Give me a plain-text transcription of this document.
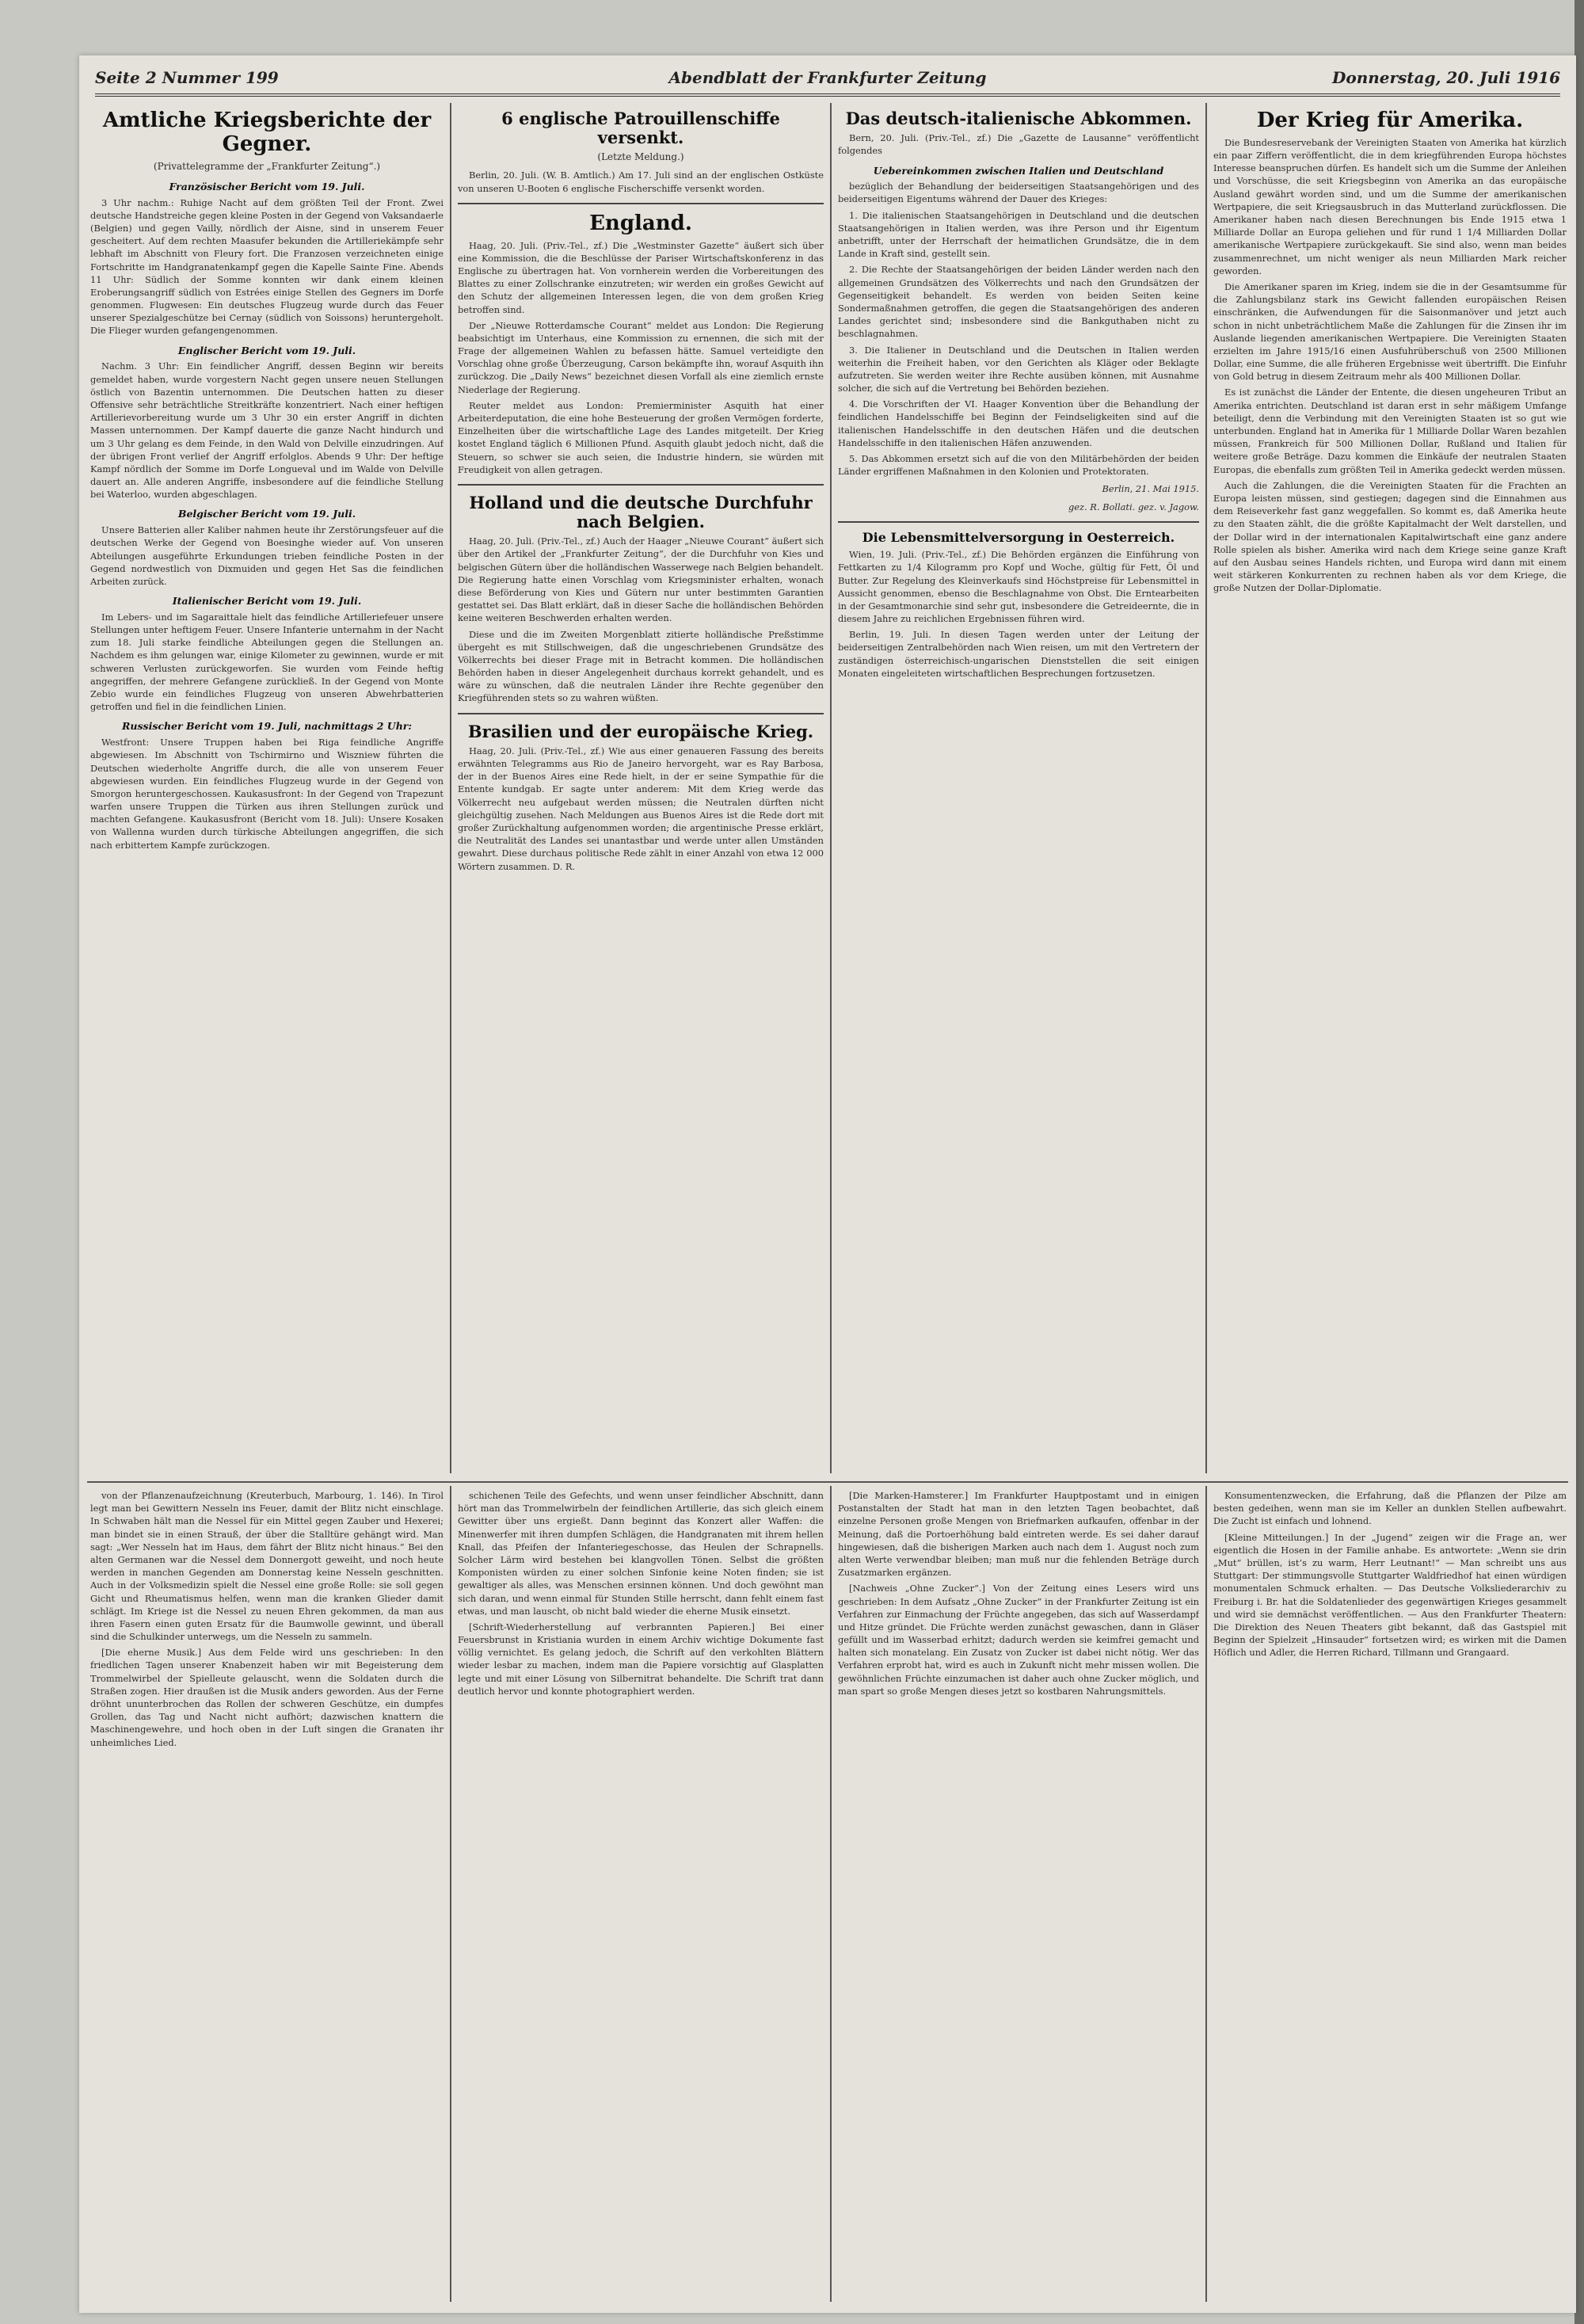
Seite 2 Nummer 199	Abendblatt der Frankfurter Zeitung	Donnerstag, 20. Juli 1916
Amtliche Kriegsberichte der Gegner.
(Privattelegramme der „Frankfurter Zeitung“.)
Französischer Bericht vom 19. Juli.

3 Uhr nachm.: Ruhige Nacht auf dem größten Teil der Front. Zwei deutsche Handstreiche gegen kleine Posten in der Gegend von Vaksandaerle (Belgien) und gegen Vailly, nördlich der Aisne, sind in unserem Feuer gescheitert. Auf dem rechten Maasufer bekunden die Artilleriekämpfe sehr lebhaft im Abschnitt von Fleury fort. Die Franzosen verzeichneten einige Fortschritte im Handgranatenkampf gegen die Kapelle Sainte Fine. Abends 11 Uhr: Südlich der Somme konnten wir dank einem kleinen Eroberungsangriff südlich von Estrées einige Stellen des Gegners im Dorfe genommen. Flugwesen: Ein deutsches Flugzeug wurde durch das Feuer unserer Spezialgeschütze bei Cernay (südlich von Soissons) heruntergeholt. Die Flieger wurden gefangengenommen.

Englischer Bericht vom 19. Juli.

Nachm. 3 Uhr: Ein feindlicher Angriff, dessen Beginn wir bereits gemeldet haben, wurde vorgestern Nacht gegen unsere neuen Stellungen östlich von Bazentin unternommen. Die Deutschen hatten zu dieser Offensive sehr beträchtliche Streitkräfte konzentriert. Nach einer heftigen Artillerievorbereitung wurde um 3 Uhr 30 ein erster Angriff in dichten Massen unternommen. Der Kampf dauerte die ganze Nacht hindurch und um 3 Uhr gelang es dem Feinde, in den Wald von Delville einzudringen. Auf der übrigen Front verlief der Angriff erfolglos. Abends 9 Uhr: Der heftige Kampf nördlich der Somme im Dorfe Longueval und im Walde von Delville dauert an. Alle anderen Angriffe, insbesondere auf die feindliche Stellung bei Waterloo, wurden abgeschlagen.

Belgischer Bericht vom 19. Juli.

Unsere Batterien aller Kaliber nahmen heute ihr Zerstörungsfeuer auf die deutschen Werke der Gegend von Boesinghe wieder auf. Von unseren Abteilungen ausgeführte Erkundungen trieben feindliche Posten in der Gegend nordwestlich von Dixmuiden und gegen Het Sas die feindlichen Arbeiten zurück.

Italienischer Bericht vom 19. Juli.

Im Lebers- und im Sagaraittale hielt das feindliche Artilleriefeuer unsere Stellungen unter heftigem Feuer. Unsere Infanterie unternahm in der Nacht zum 18. Juli starke feindliche Abteilungen gegen die Stellungen an. Nachdem es ihm gelungen war, einige Kilometer zu gewinnen, wurde er mit schweren Verlusten zurückgeworfen. Sie wurden vom Feinde heftig angegriffen, der mehrere Gefangene zurückließ. In der Gegend von Monte Zebio wurde ein feindliches Flugzeug von unseren Abwehrbatterien getroffen und fiel in die feindlichen Linien.

Russischer Bericht vom 19. Juli, nachmittags 2 Uhr:

Westfront: Unsere Truppen haben bei Riga feindliche Angriffe abgewiesen. Im Abschnitt von Tschirmirno und Wiszniew führten die Deutschen wiederholte Angriffe durch, die alle von unserem Feuer abgewiesen wurden. Ein feindliches Flugzeug wurde in der Gegend von Smorgon heruntergeschossen. Kaukasusfront: In der Gegend von Trapezunt warfen unsere Truppen die Türken aus ihren Stellungen zurück und machten Gefangene. Kaukasusfront (Bericht vom 18. Juli): Unsere Kosaken von Wallenna wurden durch türkische Abteilungen angegriffen, die sich nach erbittertem Kampfe zurückzogen.

6 englische Patrouillenschiffe versenkt.
(Letzte Meldung.)

Berlin, 20. Juli. (W. B. Amtlich.) Am 17. Juli sind an der englischen Ostküste von unseren U-Booten 6 englische Fischerschiffe versenkt worden.

England.

Haag, 20. Juli. (Priv.-Tel., zf.) Die „Westminster Gazette“ äußert sich über eine Kommission, die die Beschlüsse der Pariser Wirtschaftskonferenz in das Englische zu übertragen hat. Von vornherein werden die Vorbereitungen des Blattes zu einer Zollschranke einzutreten; wir werden ein großes Gewicht auf den Schutz der allgemeinen Interessen legen, die von dem großen Krieg betroffen sind.

Der „Nieuwe Rotterdamsche Courant“ meldet aus London: Die Regierung beabsichtigt im Unterhaus, eine Kommission zu ernennen, die sich mit der Frage der allgemeinen Wahlen zu befassen hätte. Samuel verteidigte den Vorschlag ohne große Überzeugung, Carson bekämpfte ihn, worauf Asquith ihn zurückzog. Die „Daily News“ bezeichnet diesen Vorfall als eine ziemlich ernste Niederlage der Regierung.

Reuter meldet aus London: Premierminister Asquith hat einer Arbeiterdeputation, die eine hohe Besteuerung der großen Vermögen forderte, Einzelheiten über die wirtschaftliche Lage des Landes mitgeteilt. Der Krieg kostet England täglich 6 Millionen Pfund. Asquith glaubt jedoch nicht, daß die Steuern, so schwer sie auch seien, die Industrie hindern, sie würden mit Freudigkeit von allen getragen.

Holland und die deutsche Durchfuhr nach Belgien.

Haag, 20. Juli. (Priv.-Tel., zf.) Auch der Haager „Nieuwe Courant“ äußert sich über den Artikel der „Frankfurter Zeitung“, der die Durchfuhr von Kies und belgischen Gütern über die holländischen Wasserwege nach Belgien behandelt. Die Regierung hatte einen Vorschlag vom Kriegsminister erhalten, wonach diese Beförderung von Kies und Gütern nur unter bestimmten Garantien gestattet sei. Das Blatt erklärt, daß in dieser Sache die holländischen Behörden keine weiteren Beschwerden erhalten werden.

Diese und die im Zweiten Morgenblatt zitierte holländische Preßstimme übergeht es mit Stillschweigen, daß die ungeschriebenen Grundsätze des Völkerrechts bei dieser Frage mit in Betracht kommen. Die holländischen Behörden haben in dieser Angelegenheit durchaus korrekt gehandelt, und es wäre zu wünschen, daß die neutralen Länder ihre Rechte gegenüber den Kriegführenden stets so zu wahren wüßten.

Brasilien und der europäische Krieg.

Haag, 20. Juli. (Priv.-Tel., zf.) Wie aus einer genaueren Fassung des bereits erwähnten Telegramms aus Rio de Janeiro hervorgeht, war es Ray Barbosa, der in der Buenos Aires eine Rede hielt, in der er seine Sympathie für die Entente kundgab. Er sagte unter anderem: Mit dem Krieg werde das Völkerrecht neu aufgebaut werden müssen; die Neutralen dürften nicht gleichgültig zusehen. Nach Meldungen aus Buenos Aires ist die Rede dort mit großer Zurückhaltung aufgenommen worden; die argentinische Presse erklärt, die Neutralität des Landes sei unantastbar und werde unter allen Umständen gewahrt. Diese durchaus politische Rede zählt in einer Anzahl von etwa 12 000 Wörtern zusammen. D. R.

Das deutsch-italienische Abkommen.

Bern, 20. Juli. (Priv.-Tel., zf.) Die „Gazette de Lausanne“ veröffentlicht folgendes

Uebereinkommen zwischen Italien und Deutschland

bezüglich der Behandlung der beiderseitigen Staatsangehörigen und des beiderseitigen Eigentums während der Dauer des Krieges:

1. Die italienischen Staatsangehörigen in Deutschland und die deutschen Staatsangehörigen in Italien werden, was ihre Person und ihr Eigentum anbetrifft, unter der Herrschaft der heimatlichen Grundsätze, die in dem Lande in Kraft sind, gestellt sein.

2. Die Rechte der Staatsangehörigen der beiden Länder werden nach den allgemeinen Grundsätzen des Völkerrechts und nach den Grundsätzen der Gegenseitigkeit behandelt. Es werden von beiden Seiten keine Sondermaßnahmen getroffen, die gegen die Staatsangehörigen des anderen Landes gerichtet sind; insbesondere sind die Bankguthaben nicht zu beschlagnahmen.

3. Die Italiener in Deutschland und die Deutschen in Italien werden weiterhin die Freiheit haben, vor den Gerichten als Kläger oder Beklagte aufzutreten. Sie werden weiter ihre Rechte ausüben können, mit Ausnahme solcher, die sich auf die Vertretung bei Behörden beziehen.

4. Die Vorschriften der VI. Haager Konvention über die Behandlung der feindlichen Handelsschiffe bei Beginn der Feindseligkeiten sind auf die italienischen Handelsschiffe in den deutschen Häfen und die deutschen Handelsschiffe in den italienischen Häfen anzuwenden.

5. Das Abkommen ersetzt sich auf die von den Militärbehörden der beiden Länder ergriffenen Maßnahmen in den Kolonien und Protektoraten.

Berlin, 21. Mai 1915.
gez. R. Bollati. gez. v. Jagow.
Die Lebensmittelversorgung in Oesterreich.

Wien, 19. Juli. (Priv.-Tel., zf.) Die Behörden ergänzen die Einführung von Fettkarten zu 1/4 Kilogramm pro Kopf und Woche, gültig für Fett, Öl und Butter. Zur Regelung des Kleinverkaufs sind Höchstpreise für Lebensmittel in Aussicht genommen, ebenso die Beschlagnahme von Obst. Die Erntearbeiten in der Gesamtmonarchie sind sehr gut, insbesondere die Getreideernte, die in diesem Jahre zu reichlichen Ergebnissen führen wird.

Berlin, 19. Juli. In diesen Tagen werden unter der Leitung der beiderseitigen Zentralbehörden nach Wien reisen, um mit den Vertretern der zuständigen österreichisch-ungarischen Dienststellen die seit einigen Monaten eingeleiteten wirtschaftlichen Besprechungen fortzusetzen.

Der Krieg für Amerika.

Die Bundesreservebank der Vereinigten Staaten von Amerika hat kürzlich ein paar Ziffern veröffentlicht, die in dem kriegführenden Europa höchstes Interesse beanspruchen dürfen. Es handelt sich um die Summe der Anleihen und Vorschüsse, die seit Kriegsbeginn von Amerika an das europäische Ausland gewährt worden sind, und um die Summe der amerikanischen Wertpapiere, die seit Kriegsausbruch in das Mutterland zurückflossen. Die Amerikaner haben nach diesen Berechnungen bis Ende 1915 etwa 1 Milliarde Dollar an Europa geliehen und für rund 1 1/4 Milliarden Dollar amerikanische Wertpapiere zurückgekauft. Sie sind also, wenn man beides zusammenrechnet, um nicht weniger als neun Milliarden Mark reicher geworden.

Die Amerikaner sparen im Krieg, indem sie die in der Gesamtsumme für die Zahlungsbilanz stark ins Gewicht fallenden europäischen Reisen einschränken, die Aufwendungen für die Saisonmanöver und jetzt auch schon in nicht unbeträchtlichem Maße die Zahlungen für die Zinsen ihr im Auslande liegenden amerikanischen Wertpapiere. Die Vereinigten Staaten erzielten im Jahre 1915/16 einen Ausfuhrüberschuß von 2500 Millionen Dollar, eine Summe, die alle früheren Ergebnisse weit übertrifft. Die Einfuhr von Gold betrug in diesem Zeitraum mehr als 400 Millionen Dollar.

Es ist zunächst die Länder der Entente, die diesen ungeheuren Tribut an Amerika entrichten. Deutschland ist daran erst in sehr mäßigem Umfange beteiligt, denn die Verbindung mit den Vereinigten Staaten ist so gut wie unterbunden. England hat in Amerika für 1 Milliarde Dollar Waren bezahlen müssen, Frankreich für 500 Millionen Dollar, Rußland und Italien für weitere große Beträge. Dazu kommen die Einkäufe der neutralen Staaten Europas, die ebenfalls zum größten Teil in Amerika gedeckt werden müssen.

Auch die Zahlungen, die die Vereinigten Staaten für die Frachten an Europa leisten müssen, sind gestiegen; dagegen sind die Einnahmen aus dem Reiseverkehr fast ganz weggefallen. So kommt es, daß Amerika heute zu den Staaten zählt, die die größte Kapitalmacht der Welt darstellen, und der Dollar wird in der internationalen Kapitalwirtschaft eine ganz andere Rolle spielen als bisher. Amerika wird nach dem Kriege seine ganze Kraft auf den Ausbau seines Handels richten, und Europa wird dann mit einem weit stärkeren Konkurrenten zu rechnen haben als vor dem Kriege, die große Nutzen der Dollar-Diplomatie.

von der Pflanzenaufzeichnung (Kreuterbuch, Marbourg, 1. 146). In Tirol legt man bei Gewittern Nesseln ins Feuer, damit der Blitz nicht einschlage. In Schwaben hält man die Nessel für ein Mittel gegen Zauber und Hexerei; man bindet sie in einen Strauß, der über die Stalltüre gehängt wird. Man sagt: „Wer Nesseln hat im Haus, dem fährt der Blitz nicht hinaus.“ Bei den alten Germanen war die Nessel dem Donnergott geweiht, und noch heute werden in manchen Gegenden am Donnerstag keine Nesseln geschnitten. Auch in der Volksmedizin spielt die Nessel eine große Rolle: sie soll gegen Gicht und Rheumatismus helfen, wenn man die kranken Glieder damit schlägt. Im Kriege ist die Nessel zu neuen Ehren gekommen, da man aus ihren Fasern einen guten Ersatz für die Baumwolle gewinnt, und überall sind die Schulkinder unterwegs, um die Nesseln zu sammeln.

[Die eherne Musik.] Aus dem Felde wird uns geschrieben: In den friedlichen Tagen unserer Knabenzeit haben wir mit Begeisterung dem Trommelwirbel der Spielleute gelauscht, wenn die Soldaten durch die Straßen zogen. Hier draußen ist die Musik anders geworden. Aus der Ferne dröhnt ununterbrochen das Rollen der schweren Geschütze, ein dumpfes Grollen, das Tag und Nacht nicht aufhört; dazwischen knattern die Maschinengewehre, und hoch oben in der Luft singen die Granaten ihr unheimliches Lied.

schichenen Teile des Gefechts, und wenn unser feindlicher Abschnitt, dann hört man das Trommelwirbeln der feindlichen Artillerie, das sich gleich einem Gewitter über uns ergießt. Dann beginnt das Konzert aller Waffen: die Minenwerfer mit ihren dumpfen Schlägen, die Handgranaten mit ihrem hellen Knall, das Pfeifen der Infanteriegeschosse, das Heulen der Schrapnells. Solcher Lärm wird bestehen bei klangvollen Tönen. Selbst die größten Komponisten würden zu einer solchen Sinfonie keine Noten finden; sie ist gewaltiger als alles, was Menschen ersinnen können. Und doch gewöhnt man sich daran, und wenn einmal für Stunden Stille herrscht, dann fehlt einem fast etwas, und man lauscht, ob nicht bald wieder die eherne Musik einsetzt.

[Schrift-Wiederherstellung auf verbrannten Papieren.] Bei einer Feuersbrunst in Kristiania wurden in einem Archiv wichtige Dokumente fast völlig vernichtet. Es gelang jedoch, die Schrift auf den verkohlten Blättern wieder lesbar zu machen, indem man die Papiere vorsichtig auf Glasplatten legte und mit einer Lösung von Silbernitrat behandelte. Die Schrift trat dann deutlich hervor und konnte photographiert werden.

[Die Marken-Hamsterer.] Im Frankfurter Hauptpostamt und in einigen Postanstalten der Stadt hat man in den letzten Tagen beobachtet, daß einzelne Personen große Mengen von Briefmarken aufkaufen, offenbar in der Meinung, daß die Portoerhöhung bald eintreten werde. Es sei daher darauf hingewiesen, daß die bisherigen Marken auch nach dem 1. August noch zum alten Werte verwendbar bleiben; man muß nur die fehlenden Beträge durch Zusatzmarken ergänzen.

[Nachweis „Ohne Zucker“.] Von der Zeitung eines Lesers wird uns geschrieben: In dem Aufsatz „Ohne Zucker“ in der Frankfurter Zeitung ist ein Verfahren zur Einmachung der Früchte angegeben, das sich auf Wasserdampf und Hitze gründet. Die Früchte werden zunächst gewaschen, dann in Gläser gefüllt und im Wasserbad erhitzt; dadurch werden sie keimfrei gemacht und halten sich monatelang. Ein Zusatz von Zucker ist dabei nicht nötig. Wer das Verfahren erprobt hat, wird es auch in Zukunft nicht mehr missen wollen. Die gewöhnlichen Früchte einzumachen ist daher auch ohne Zucker möglich, und man spart so große Mengen dieses jetzt so kostbaren Nahrungsmittels.

Konsumentenzwecken, die Erfahrung, daß die Pflanzen der Pilze am besten gedeihen, wenn man sie im Keller an dunklen Stellen aufbewahrt. Die Zucht ist einfach und lohnend.

[Kleine Mitteilungen.] In der „Jugend“ zeigen wir die Frage an, wer eigentlich die Hosen in der Familie anhabe. Es antwortete: „Wenn sie drin „Mut“ brüllen, ist’s zu warm, Herr Leutnant!“ — Man schreibt uns aus Stuttgart: Der stimmungsvolle Stuttgarter Waldfriedhof hat einen würdigen monumentalen Schmuck erhalten. — Das Deutsche Volksliederarchiv zu Freiburg i. Br. hat die Soldatenlieder des gegenwärtigen Krieges gesammelt und wird sie demnächst veröffentlichen. — Aus den Frankfurter Theatern: Die Direktion des Neuen Theaters gibt bekannt, daß das Gastspiel mit Beginn der Spielzeit „Hinsauder“ fortsetzen wird; es wirken mit die Damen Höflich und Adler, die Herren Richard, Tillmann und Grangaard.
